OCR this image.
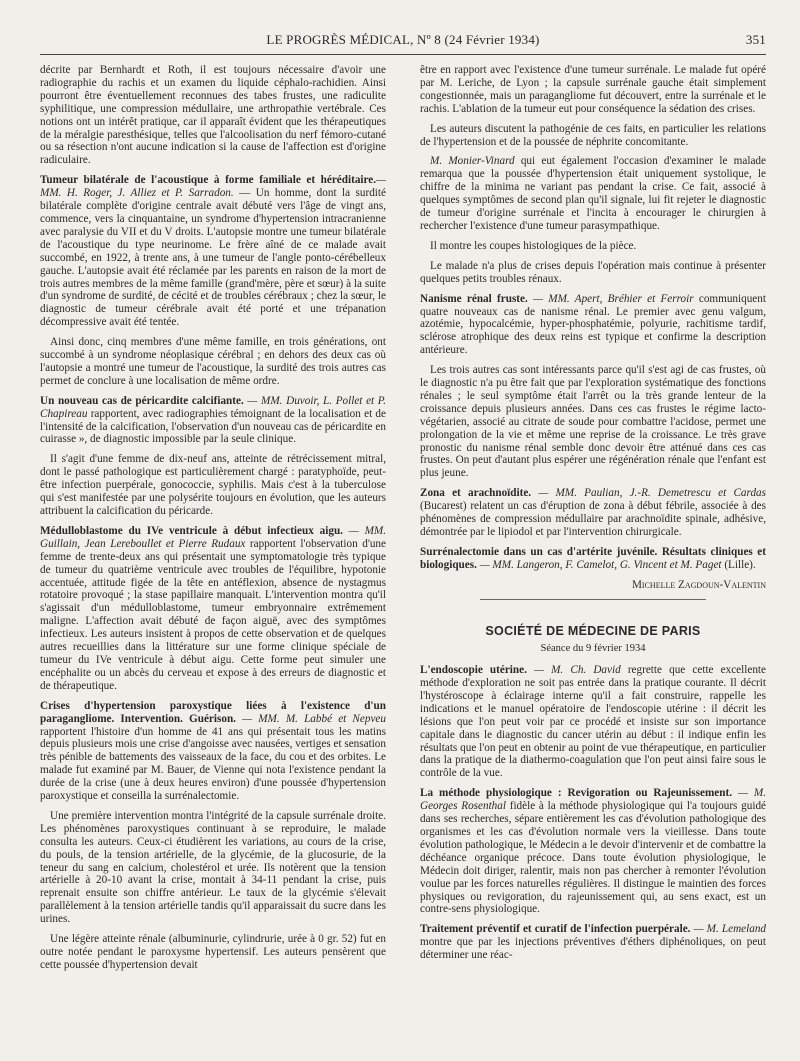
LE PROGRÈS MÉDICAL, Nº 8 (24 Février 1934)	351

décrite par Bernhardt et Roth, il est toujours nécessaire d'avoir une radiographie du rachis et un examen du liquide céphalo-rachidien. Ainsi pourront être éventuellement reconnues des tabes frustes, une radiculite syphilitique, une compression médullaire, une arthropathie vertébrale. Ces notions ont un intérêt pratique, car il apparaît évident que les thérapeutiques de la méralgie paresthésique, telles que l'alcoolisation du nerf fémoro-cutané ou sa résection n'ont aucune indication si la cause de l'affection est d'origine radiculaire.

Tumeur bilatérale de l'acoustique à forme familiale et héréditaire.— MM. H. Roger, J. Alliez et P. Sarradon. — Un homme, dont la surdité bilatérale complète d'origine centrale avait débuté vers l'âge de vingt ans, commence, vers la cinquantaine, un syndrome d'hypertension intracranienne avec paralysie du VII et du V droits. L'autopsie montre une tumeur bilatérale de l'acoustique du type neurinome. Le frère aîné de ce malade avait succombé, en 1922, à trente ans, à une tumeur de l'angle ponto-cérébelleux gauche. L'autopsie avait été réclamée par les parents en raison de la mort de trois autres membres de la même famille (grand'mère, père et sœur) à la suite d'un syndrome de surdité, de cécité et de troubles cérébraux ; chez la sœur, le diagnostic de tumeur cérébrale avait été porté et une trépanation décompressive avait été tentée.

Ainsi donc, cinq membres d'une même famille, en trois générations, ont succombé à un syndrome néoplasique cérébral ; en dehors des deux cas où l'autopsie a montré une tumeur de l'acoustique, la surdité des trois autres cas permet de conclure à une localisation de même ordre.

Un nouveau cas de péricardite calcifiante. — MM. Duvoir, L. Pollet et P. Chapireau rapportent, avec radiographies témoignant de la localisation et de l'intensité de la calcification, l'observation d'un nouveau cas de péricardite en cuirasse », de diagnostic impossible par la seule clinique.

Il s'agit d'une femme de dix-neuf ans, atteinte de rétrécissement mitral, dont le passé pathologique est particulièrement chargé : paratyphoïde, peut-être infection puerpérale, gonococcie, syphilis. Mais c'est à la tuberculose qui s'est manifestée par une polysérite toujours en évolution, que les auteurs attribuent la calcification du péricarde.

Médulloblastome du IVe ventricule à début infectieux aigu. — MM. Guillain, Jean Lereboullet et Pierre Rudaux rapportent l'observation d'une femme de trente-deux ans qui présentait une symptomatologie très typique de tumeur du quatrième ventricule avec troubles de l'équilibre, hypotonie accentuée, attitude figée de la tête en antéflexion, absence de nystagmus rotatoire provoqué ; la stase papillaire manquait. L'intervention montra qu'il s'agissait d'un médulloblastome, tumeur embryonnaire extrêmement maligne. L'affection avait débuté de façon aiguë, avec des symptômes infectieux. Les auteurs insistent à propos de cette observation et de quelques autres recueillies dans la littérature sur une forme clinique spéciale de tumeur du IVe ventricule à début aigu. Cette forme peut simuler une encéphalite ou un abcès du cerveau et expose à des erreurs de diagnostic et de thérapeutique.

Crises d'hypertension paroxystique liées à l'existence d'un paragangliome. Intervention. Guérison. — MM. M. Labbé et Nepveu rapportent l'histoire d'un homme de 41 ans qui présentait tous les matins depuis plusieurs mois une crise d'angoisse avec nausées, vertiges et sensation très pénible de battements des vaisseaux de la face, du cou et des orbites. Le malade fut examiné par M. Bauer, de Vienne qui nota l'existence pendant la durée de la crise (une à deux heures environ) d'une poussée d'hypertension paroxystique et conseilla la surrénalectomie.

Une première intervention montra l'intégrité de la capsule surrénale droite. Les phénomènes paroxystiques continuant à se reproduire, le malade consulta les auteurs. Ceux-ci étudièrent les variations, au cours de la crise, du pouls, de la tension artérielle, de la glycémie, de la glucosurie, de la teneur du sang en calcium, cholestérol et urée. Ils notèrent que la tension artérielle à 20-10 avant la crise, montait à 34-11 pendant la crise, puis reprenait ensuite son chiffre antérieur. Le taux de la glycémie s'élevait parallèlement à la tension artérielle tandis qu'il apparaissait du sucre dans les urines.

Une légère atteinte rénale (albuminurie, cylindrurie, urée à 0 gr. 52) fut en outre notée pendant le paroxysme hypertensif. Les auteurs pensèrent que cette poussée d'hypertension devait

être en rapport avec l'existence d'une tumeur surrénale. Le malade fut opéré par M. Leriche, de Lyon ; la capsule surrénale gauche était simplement congestionnée, mais un paragangliome fut découvert, entre la surrénale et le rachis. L'ablation de la tumeur eut pour conséquence la sédation des crises.

Les auteurs discutent la pathogénie de ces faits, en particulier les relations de l'hypertension et de la poussée de néphrite concomitante.

M. Monier-Vinard qui eut également l'occasion d'examiner le malade remarqua que la poussée d'hypertension était uniquement systolique, le chiffre de la minima ne variant pas pendant la crise. Ce fait, associé à quelques symptômes de second plan qu'il signale, lui fit rejeter le diagnostic de tumeur d'origine surrénale et l'incita à encourager le chirurgien à rechercher l'existence d'une tumeur parasympathique.

Il montre les coupes histologiques de la pièce.

Le malade n'a plus de crises depuis l'opération mais continue à présenter quelques petits troubles rénaux.

Nanisme rénal fruste. — MM. Apert, Bréhier et Ferroir communiquent quatre nouveaux cas de nanisme rénal. Le premier avec genu valgum, azotémie, hypocalcémie, hyper-phosphatémie, polyurie, rachitisme tardif, sclérose atrophique des deux reins est typique et confirme la description antérieure.

Les trois autres cas sont intéressants parce qu'il s'est agi de cas frustes, où le diagnostic n'a pu être fait que par l'exploration systématique des fonctions rénales ; le seul symptôme était l'arrêt ou la très grande lenteur de la croissance depuis plusieurs années. Dans ces cas frustes le régime lacto-végétarien, associé au citrate de soude pour combattre l'acidose, permet une prolongation de la vie et même une reprise de la croissance. Le très grave pronostic du nanisme rénal semble donc devoir être atténué dans ces cas frustes. On peut d'autant plus espérer une régénération rénale que l'enfant est plus jeune.

Zona et arachnoïdite. — MM. Paulian, J.-R. Demetrescu et Cardas (Bucarest) relatent un cas d'éruption de zona à début fébrile, associée à des phénomènes de compression médullaire par arachnoïdite spinale, adhésive, démontrée par le lipiodol et par l'intervention chirurgicale.

Surrénalectomie dans un cas d'artérite juvénile. Résultats cliniques et biologiques. — MM. Langeron, F. Camelot, G. Vincent et M. Paget (Lille).

Michelle Zagdoun-Valentin

SOCIÉTÉ DE MÉDECINE DE PARIS
Séance du 9 février 1934

L'endoscopie utérine. — M. Ch. David regrette que cette excellente méthode d'exploration ne soit pas entrée dans la pratique courante. Il décrit l'hystéroscope à éclairage interne qu'il a fait construire, rappelle les indications et le manuel opératoire de l'endoscopie utérine : il décrit les lésions que l'on peut voir par ce procédé et insiste sur son importance capitale dans le diagnostic du cancer utérin au début : il indique enfin les résultats que l'on peut en obtenir au point de vue thérapeutique, en particulier dans la pratique de la diathermo-coagulation que l'on peut ainsi faire sous le contrôle de la vue.

La méthode physiologique : Revigoration ou Rajeunissement. — M. Georges Rosenthal fidèle à la méthode physiologique qui l'a toujours guidé dans ses recherches, sépare entièrement les cas d'évolution pathologique des organismes et les cas d'évolution normale vers la vieillesse. Dans toute évolution pathologique, le Médecin a le devoir d'intervenir et de combattre la déchéance organique précoce. Dans toute évolution physiologique, le Médecin doit diriger, ralentir, mais non pas chercher à remonter l'évolution voulue par les forces naturelles régulières. Il distingue le maintien des forces physiques ou revigoration, du rajeunissement qui, au sens exact, est un contre-sens physiologique.

Traitement préventif et curatif de l'infection puerpérale. — M. Lemeland montre que par les injections préventives d'éthers diphénoliques, on peut déterminer une réac-
